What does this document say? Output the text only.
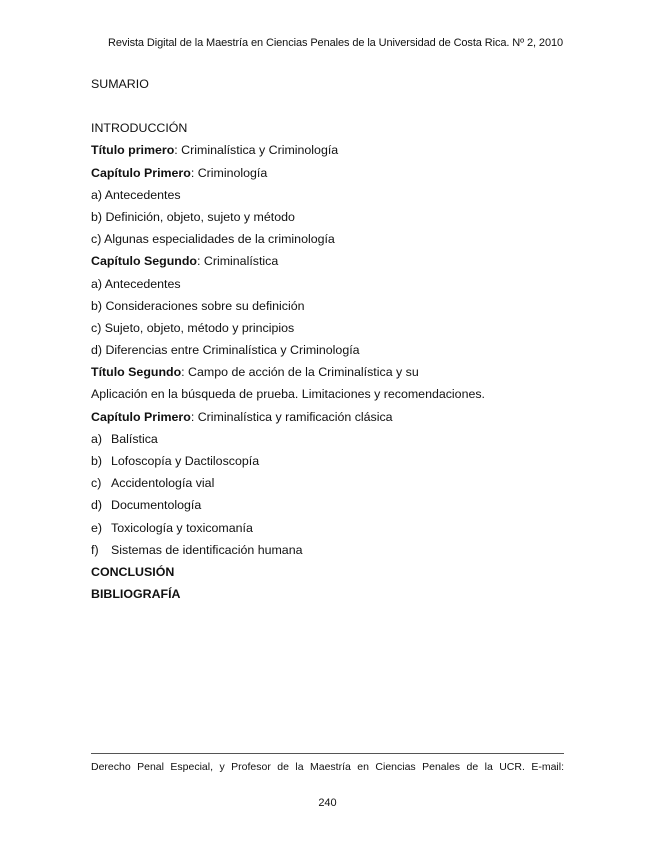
Revista Digital de la Maestría en Ciencias Penales de la Universidad de Costa Rica. Nº 2, 2010
SUMARIO
INTRODUCCIÓN
Título primero: Criminalística y Criminología
Capítulo Primero: Criminología
a) Antecedentes
b) Definición, objeto, sujeto y método
c) Algunas especialidades de la criminología
Capítulo Segundo: Criminalística
a) Antecedentes
b) Consideraciones sobre su definición
c) Sujeto, objeto, método y principios
d) Diferencias entre Criminalística y Criminología
Título Segundo: Campo de acción de la Criminalística y su
Aplicación en la búsqueda de prueba. Limitaciones y recomendaciones.
Capítulo Primero: Criminalística y ramificación clásica
a) Balística
b) Lofoscopía y Dactiloscopía
c) Accidentología vial
d) Documentología
e) Toxicología y toxicomanía
f) Sistemas de identificación humana
CONCLUSIÓN
BIBLIOGRAFÍA
Derecho Penal Especial, y Profesor de la Maestría en Ciencias Penales de la UCR. E-mail:
240
